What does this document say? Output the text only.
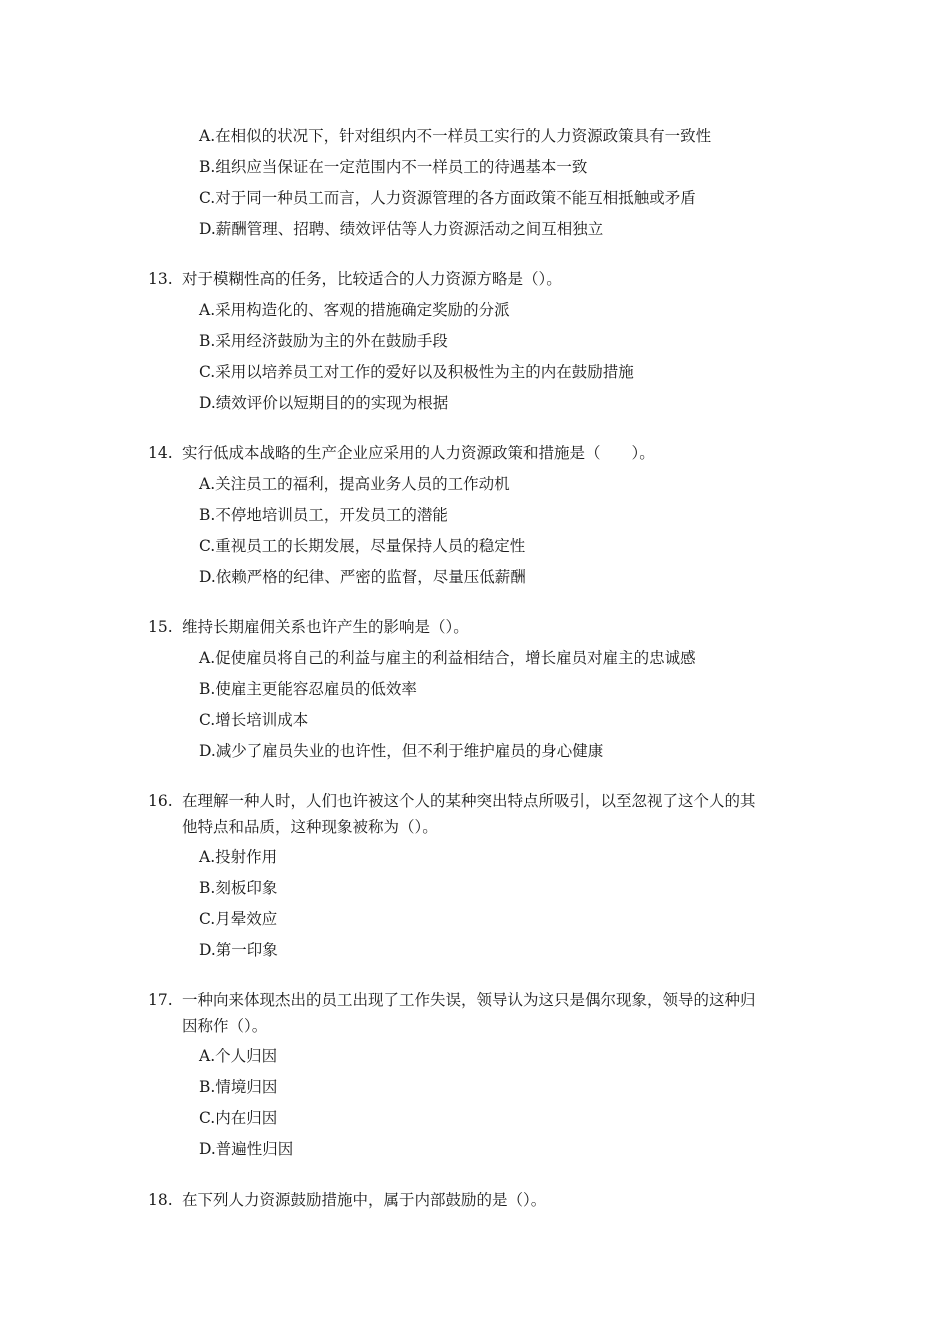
A.在相似的状况下，针对组织内不一样员工实行的人力资源政策具有一致性
B.组织应当保证在一定范围内不一样员工的待遇基本一致
C.对于同一种员工而言，人力资源管理的各方面政策不能互相抵触或矛盾
D.薪酬管理、招聘、绩效评估等人力资源活动之间互相独立
13. 对于模糊性高的任务，比较适合的人力资源方略是（）。
A.采用构造化的、客观的措施确定奖励的分派
B.采用经济鼓励为主的外在鼓励手段
C.采用以培养员工对工作的爱好以及积极性为主的内在鼓励措施
D.绩效评价以短期目的的实现为根据
14. 实行低成本战略的生产企业应采用的人力资源政策和措施是（　　）。
A.关注员工的福利，提高业务人员的工作动机
B.不停地培训员工，开发员工的潜能
C.重视员工的长期发展，尽量保持人员的稳定性
D.依赖严格的纪律、严密的监督，尽量压低薪酬
15. 维持长期雇佣关系也许产生的影响是（）。
A.促使雇员将自己的利益与雇主的利益相结合，增长雇员对雇主的忠诚感
B.使雇主更能容忍雇员的低效率
C.增长培训成本
D.减少了雇员失业的也许性，但不利于维护雇员的身心健康
16. 在理解一种人时，人们也许被这个人的某种突出特点所吸引，以至忽视了这个人的其
他特点和品质，这种现象被称为（）。
A.投射作用
B.刻板印象
C.月晕效应
D.第一印象
17. 一种向来体现杰出的员工出现了工作失误，领导认为这只是偶尔现象，领导的这种归
因称作（）。
A.个人归因
B.情境归因
C.内在归因
D.普遍性归因
18. 在下列人力资源鼓励措施中，属于内部鼓励的是（）。
